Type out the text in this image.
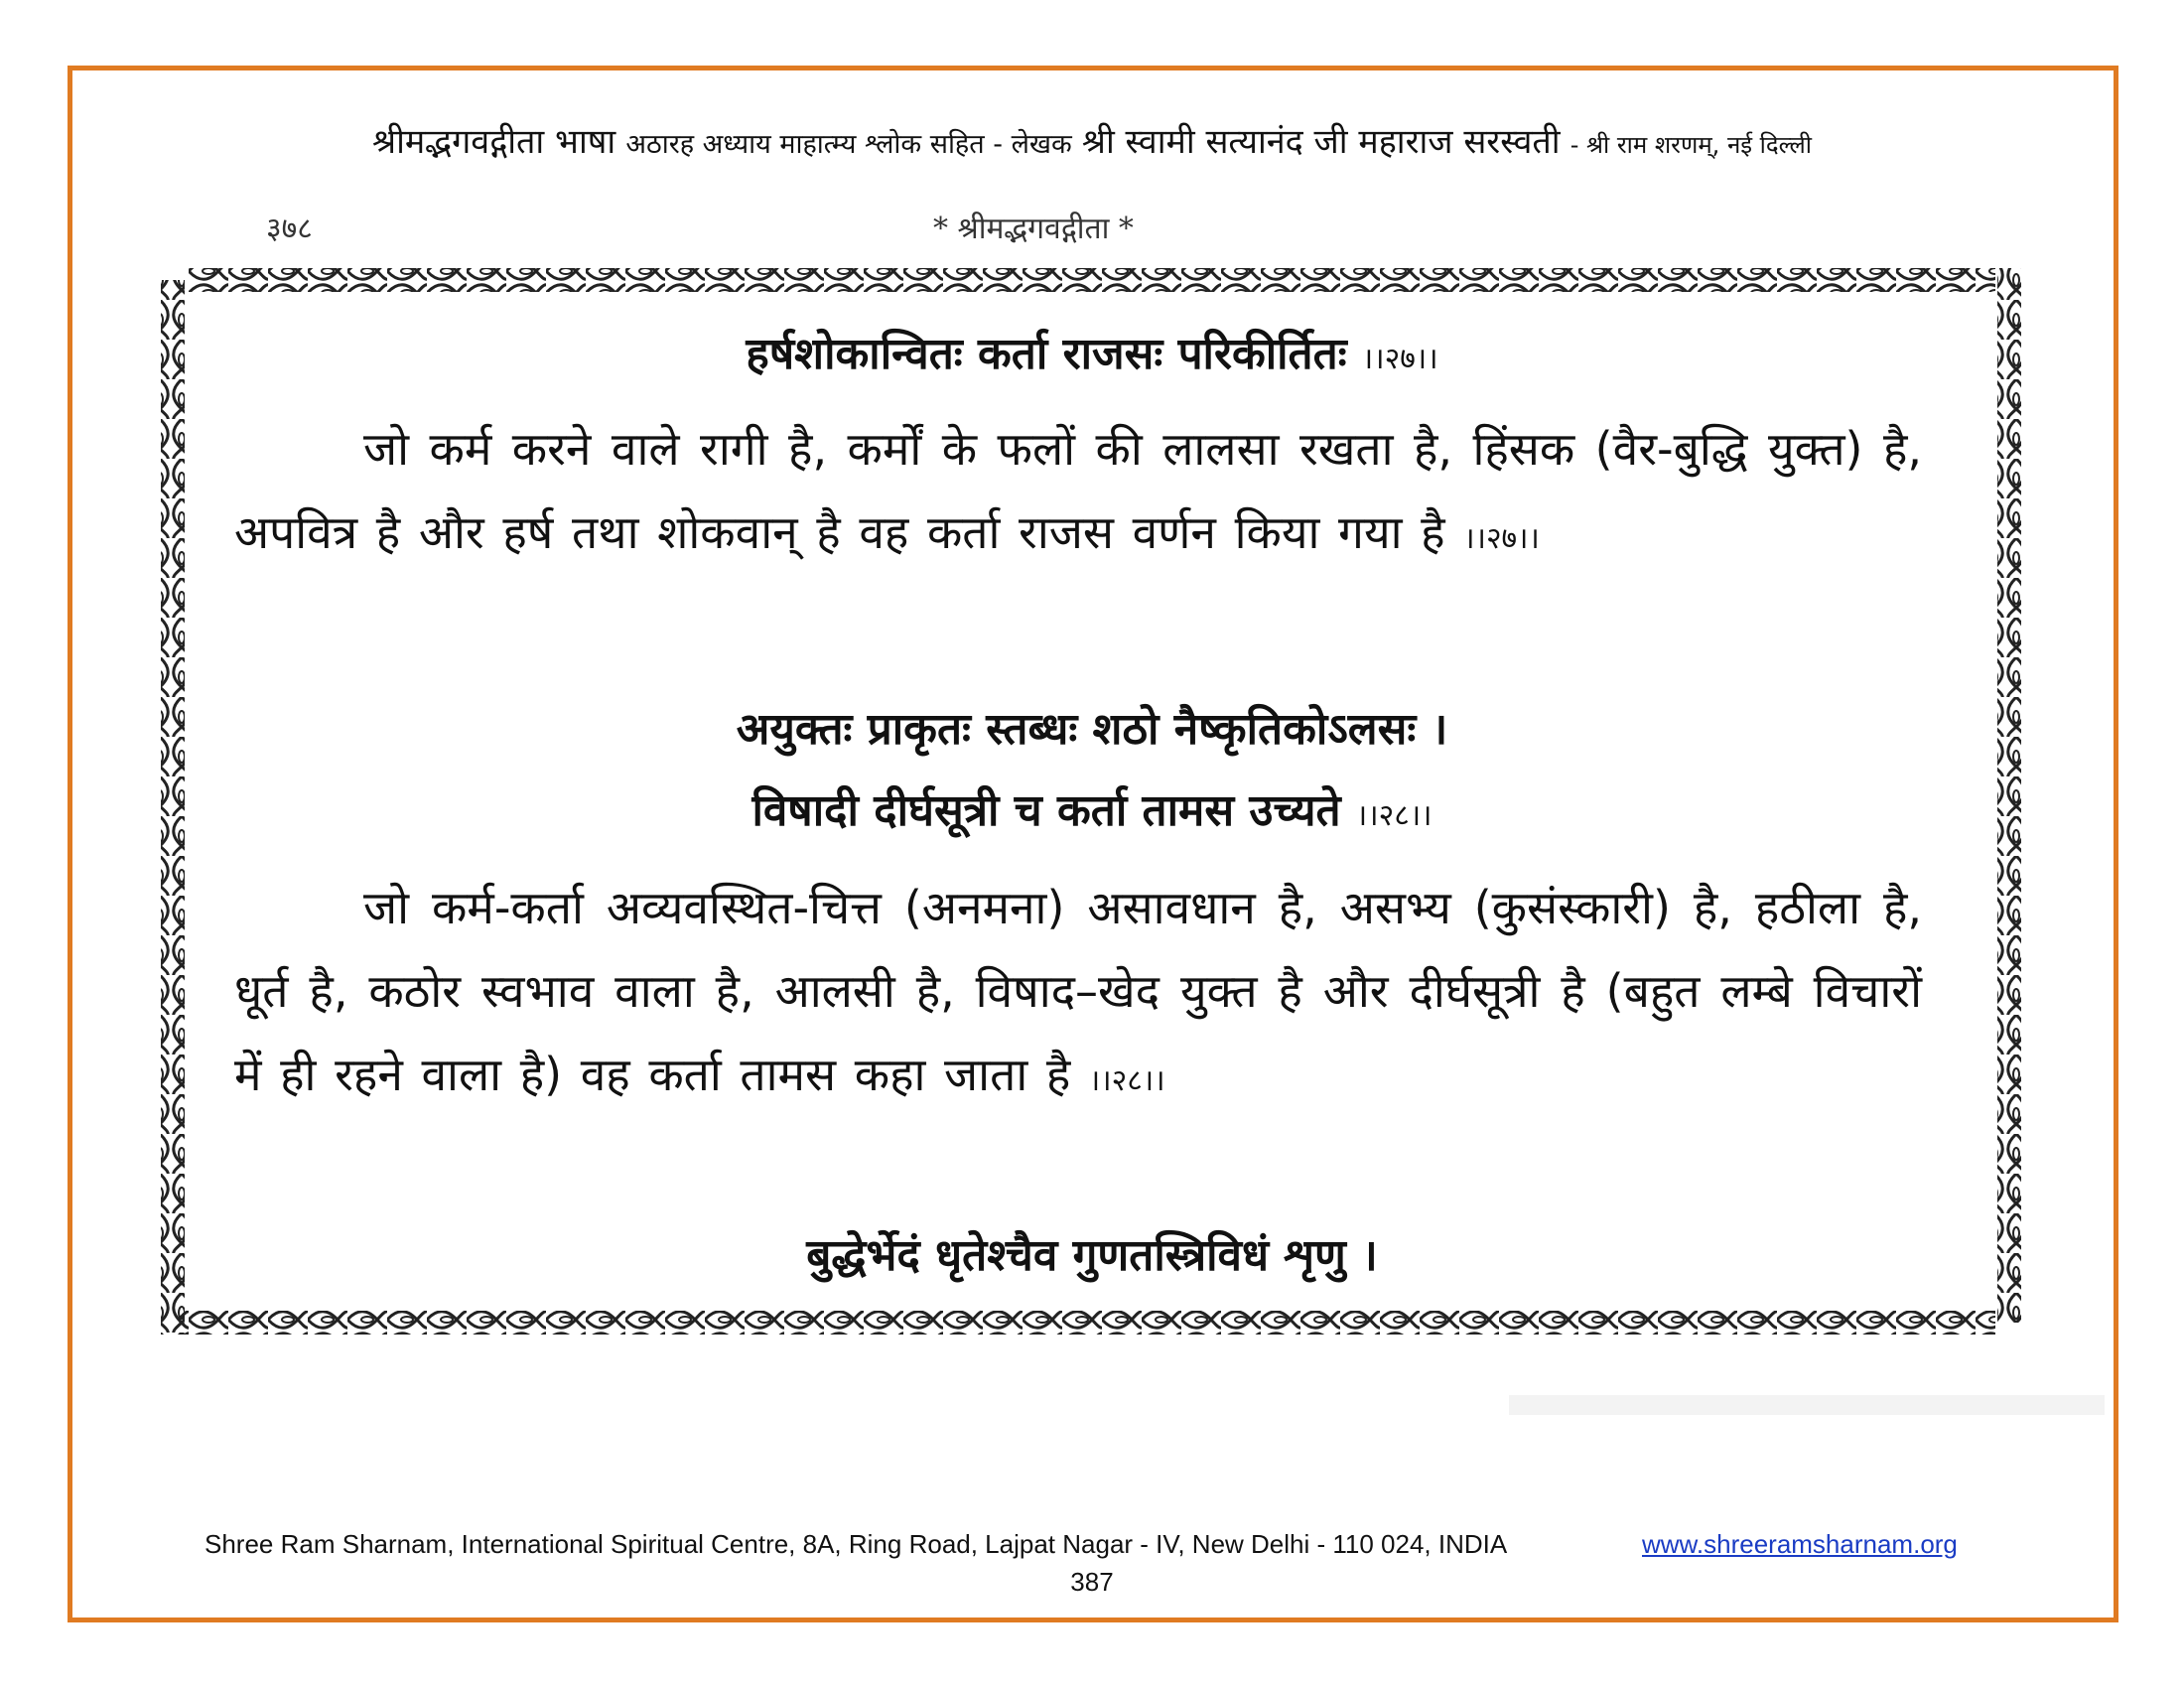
श्रीमद्भगवद्गीता भाषा अठारह अध्याय माहात्म्य श्लोक सहित - लेखक श्री स्वामी सत्यानंद जी महाराज सरस्वती - श्री राम शरणम्, नई दिल्ली
३७८	* श्रीमद्भगवद्गीता *
हर्षशोकान्वितः कर्ता राजसः परिकीर्तितः ।।२७।।
जो कर्म करने वाले रागी है, कर्मों के फलों की लालसा रखता है, हिंसक (वैर-बुद्धि युक्त) है, अपवित्र है और हर्ष तथा शोकवान् है वह कर्ता राजस वर्णन किया गया है ।।२७।।
अयुक्तः प्राकृतः स्तब्धः शठो नैष्कृतिकोऽलसः ।
विषादी दीर्घसूत्री च कर्ता तामस उच्यते ।।२८।।
जो कर्म-कर्ता अव्यवस्थित-चित्त (अनमना) असावधान है, असभ्य (कुसंस्कारी) है, हठीला है, धूर्त है, कठोर स्वभाव वाला है, आलसी है, विषाद–खेद युक्त है और दीर्घसूत्री है (बहुत लम्बे विचारों में ही रहने वाला है) वह कर्ता तामस कहा जाता है ।।२८।।
बुद्धेर्भेदं धृतेश्चैव गुणतस्त्रिविधं शृणु ।
Shree Ram Sharnam, International Spiritual Centre, 8A, Ring Road, Lajpat Nagar - IV, New Delhi - 110 024, INDIA	www.shreeramsharnam.org
387
